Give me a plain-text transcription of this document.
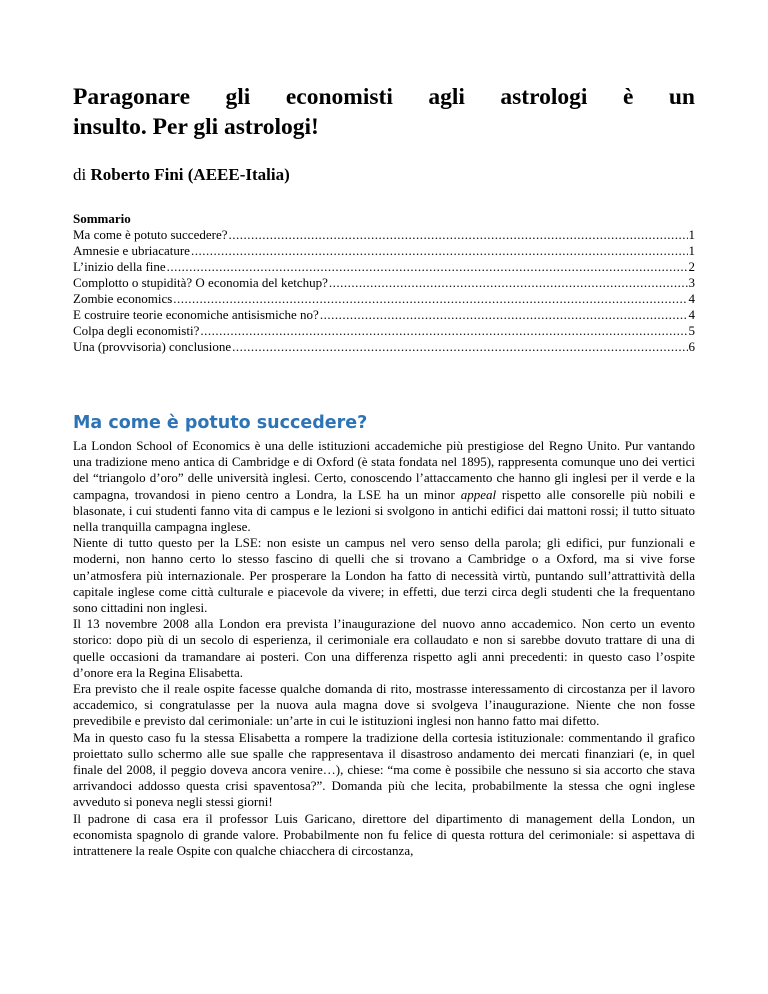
Paragonare gli economisti agli astrologi è un
insulto. Per gli astrologi!
di Roberto Fini (AEEE-Italia)
Sommario
Ma come è potuto succedere? .....	1
Amnesie e ubriacature .....	1
L’inizio della fine .....	2
Complotto o stupidità? O economia del ketchup? .....	3
Zombie economics .....	4
E costruire teorie economiche antisismiche no? .....	4
Colpa degli economisti? .....	5
Una (provvisoria) conclusione .....	6
Ma come è potuto succedere?

La London School of Economics è una delle istituzioni accademiche più prestigiose del Regno Unito. Pur vantando una tradizione meno antica di Cambridge e di Oxford (è stata fondata nel 1895), rappresenta comunque uno dei vertici del “triangolo d’oro” delle università inglesi. Certo, conoscendo l’attaccamento che hanno gli inglesi per il verde e la campagna, trovandosi in pieno centro a Londra, la LSE ha un minor appeal rispetto alle consorelle più nobili e blasonate, i cui studenti fanno vita di campus e le lezioni si svolgono in antichi edifici dai mattoni rossi; il tutto situato nella tranquilla campagna inglese.

Niente di tutto questo per la LSE: non esiste un campus nel vero senso della parola; gli edifici, pur funzionali e moderni, non hanno certo lo stesso fascino di quelli che si trovano a Cambridge o a Oxford, ma si vive forse un’atmosfera più internazionale. Per prosperare la London ha fatto di necessità virtù, puntando sull’attrattività della capitale inglese come città culturale e piacevole da vivere; in effetti, due terzi circa degli studenti che la frequentano sono cittadini non inglesi.

Il 13 novembre 2008 alla London era prevista l’inaugurazione del nuovo anno accademico. Non certo un evento storico: dopo più di un secolo di esperienza, il cerimoniale era collaudato e non si sarebbe dovuto trattare di una di quelle occasioni da tramandare ai posteri. Con una differenza rispetto agli anni precedenti: in questo caso l’ospite d’onore era la Regina Elisabetta.

Era previsto che il reale ospite facesse qualche domanda di rito, mostrasse interessamento di circostanza per il lavoro accademico, si congratulasse per la nuova aula magna dove si svolgeva l’inaugurazione. Niente che non fosse prevedibile e previsto dal cerimoniale: un’arte in cui le istituzioni inglesi non hanno fatto mai difetto.

Ma in questo caso fu la stessa Elisabetta a rompere la tradizione della cortesia istituzionale: commentando il grafico proiettato sullo schermo alle sue spalle che rappresentava il disastroso andamento dei mercati finanziari (e, in quel finale del 2008, il peggio doveva ancora venire…), chiese: “ma come è possibile che nessuno si sia accorto che stava arrivandoci addosso questa crisi spaventosa?”. Domanda più che lecita, probabilmente la stessa che ogni inglese avveduto si poneva negli stessi giorni!

Il padrone di casa era il professor Luis Garicano, direttore del dipartimento di management della London, un economista spagnolo di grande valore. Probabilmente non fu felice di questa rottura del cerimoniale: si aspettava di intrattenere la reale Ospite con qualche chiacchera di circostanza,
